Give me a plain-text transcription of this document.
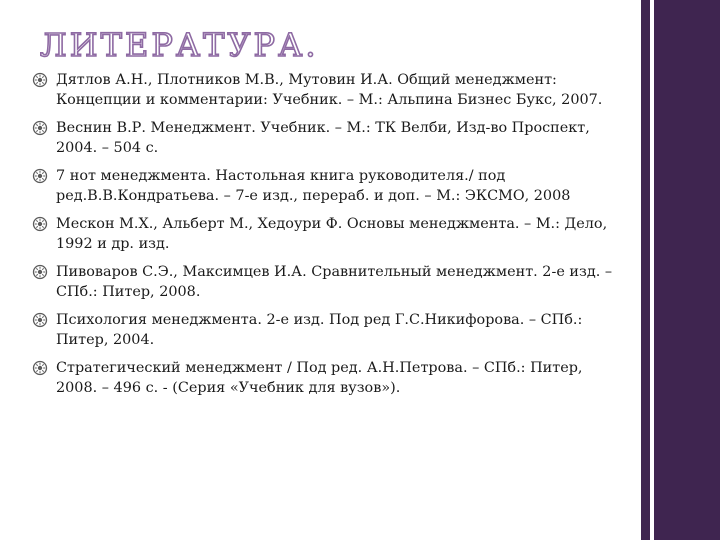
ЛИТЕРАТУРА.
Дятлов А.Н., Плотников М.В., Мутовин И.А. Общий менеджмент: Концепции и комментарии: Учебник. – М.: Альпина Бизнес Букс, 2007.
Веснин В.Р. Менеджмент. Учебник. – М.: ТК Велби, Изд-во Проспект, 2004. – 504 с.
7 нот менеджмента. Настольная книга руководителя./ под ред.В.В.Кондратьева. – 7-е изд., перераб. и доп. – М.: ЭКСМО, 2008
Мескон М.Х., Альберт М., Хедоури Ф. Основы менеджмента. – М.: Дело, 1992 и др. изд.
Пивоваров С.Э., Максимцев И.А. Сравнительный менеджмент. 2-е изд. – СПб.: Питер, 2008.
Психология менеджмента. 2-е изд. Под ред Г.С.Никифорова. – СПб.: Питер, 2004.
Стратегический менеджмент / Под ред. А.Н.Петрова. – СПб.: Питер, 2008. – 496 с. - (Серия «Учебник для вузов»).
